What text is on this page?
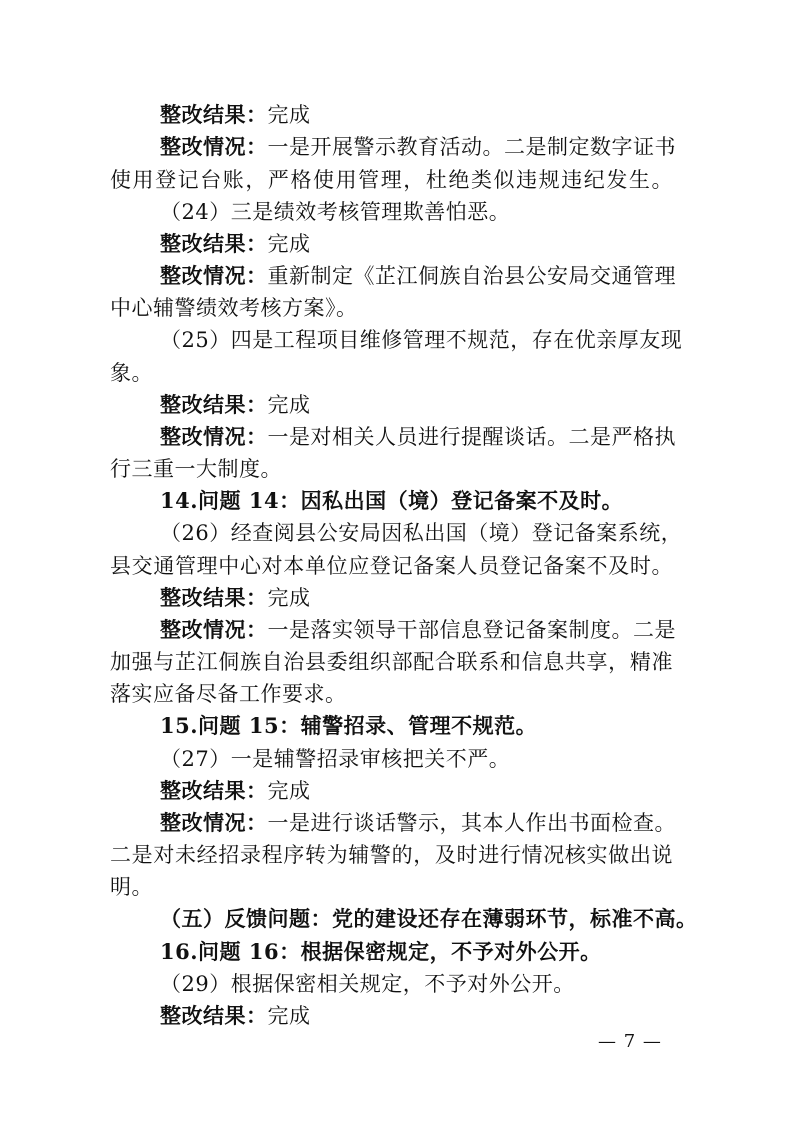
整改结果：完成
整改情况：一是开展警示教育活动。二是制定数字证书
使用登记台账，严格使用管理，杜绝类似违规违纪发生。
（24）三是绩效考核管理欺善怕恶。
整改结果：完成
整改情况：重新制定《芷江侗族自治县公安局交通管理
中心辅警绩效考核方案》。
（25）四是工程项目维修管理不规范，存在优亲厚友现
象。
整改结果：完成
整改情况：一是对相关人员进行提醒谈话。二是严格执
行三重一大制度。
14.问题 14：因私出国（境）登记备案不及时。
（26）经查阅县公安局因私出国（境）登记备案系统，
县交通管理中心对本单位应登记备案人员登记备案不及时。
整改结果：完成
整改情况：一是落实领导干部信息登记备案制度。二是
加强与芷江侗族自治县委组织部配合联系和信息共享，精准
落实应备尽备工作要求。
15.问题 15：辅警招录、管理不规范。
（27）一是辅警招录审核把关不严。
整改结果：完成
整改情况：一是进行谈话警示，其本人作出书面检查。
二是对未经招录程序转为辅警的，及时进行情况核实做出说
明。
（五）反馈问题：党的建设还存在薄弱环节，标准不高。
16.问题 16：根据保密规定，不予对外公开。
（29）根据保密相关规定，不予对外公开。
整改结果：完成
— 7 —
